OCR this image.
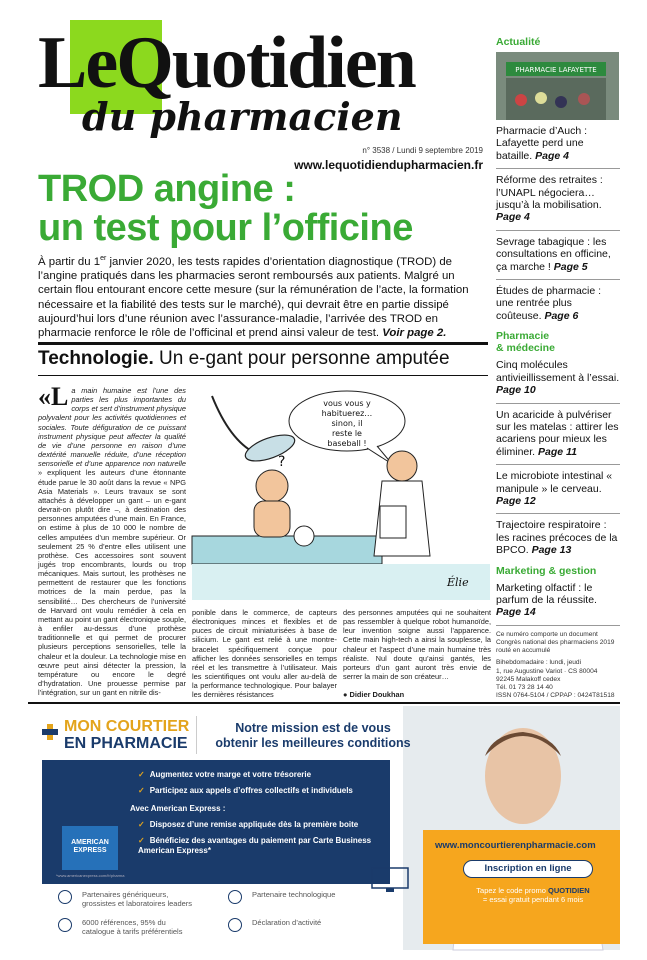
LeQuotidien
du pharmacien
n° 3538 / Lundi 9 septembre 2019
www.lequotidiendupharmacien.fr
TROD angine :
un test pour l’officine
À partir du 1er janvier 2020, les tests rapides d’orientation diagnostique (TROD) de l’angine pratiqués dans les pharmacies seront remboursés aux patients. Malgré un certain flou entourant encore cette mesure (sur la rémunération de l’acte, la formation nécessaire et la fiabilité des tests sur le marché), qui devrait être en partie dissipé aujourd’hui lors d’une réunion avec l’assurance-maladie, l’arrivée des TROD en pharmacie renforce le rôle de l’officinal et prend ainsi valeur de test. Voir page 2.
Technologie. Un e-gant pour personne amputée
«La main humaine est l’une des parties les plus importantes du corps et sert d’instrument physique polyvalent pour les activités quotidiennes et sociales. Toute défiguration de ce puissant instrument physique peut affecter la qualité de vie d’une personne en raison d’une dextérité manuelle réduite, d’une réception sensorielle et d’une apparence non naturelle » expliquent les auteurs d’une étonnante étude parue le 30 août dans la revue « NPG Asia Materials ». Leurs travaux se sont attachés à développer un gant – un e-gant devrait-on plutôt dire –, à destination des personnes amputées d’une main. En France, on estime à plus de 10 000 le nombre de celles amputées d’un membre supérieur. Or seulement 25 % d’entre elles utilisent une prothèse. Ces accessoires sont souvent jugés trop encombrants, lourds ou trop mécaniques. Mais surtout, les prothèses ne permettent de restaurer que les fonctions motrices de la main perdue, pas la sensibilité… Des chercheurs de l’université de Harvard ont voulu remédier à cela en mettant au point un gant électronique souple, à enfiler au-dessus d’une prothèse traditionnelle et qui permet de procurer plusieurs perceptions sensorielles, telle la chaleur et la douleur. La technologie mise en œuvre peut ainsi détecter la pression, la température ou encore le degré d’hydratation. Une prouesse permise par l’intégration, sur un gant en nitrile dis-
ponible dans le commerce, de capteurs électroniques minces et flexibles et de puces de circuit miniaturisées à base de silicium. Le gant est relié à une montre-bracelet spécifiquement conçue pour afficher les données sensorielles en temps réel et les transmettre à l’utilisateur. Mais les scientifiques ont voulu aller au-delà de la performance technologique. Pour balayer les dernières résistances
des personnes amputées qui ne souhaitent pas ressembler à quelque robot humanoïde, leur invention soigne aussi l’apparence. Cette main high-tech a ainsi la souplesse, la chaleur et l’aspect d’une main humaine très réaliste. Nul doute qu’ainsi gantés, les porteurs d’un gant auront très envie de serrer la main de son créateur…
● Didier Doukhan
vous vous y
habituerez…
sinon, il
reste le
baseball !
?
Élie
Actualité
PHARMACIE LAFAYETTE
Pharmacie d’Auch : Lafayette perd une bataille. Page 4
Réforme des retraites : l’UNAPL négociera… jusqu’à la mobilisation. Page 4
Sevrage tabagique : les consultations en officine, ça marche ! Page 5
Études de pharmacie : une rentrée plus coûteuse. Page 6
Pharmacie
& médecine
Cinq molécules antivieillissement à l’essai. Page 10
Un acaricide à pulvériser sur les matelas : attirer les acariens pour mieux les éliminer. Page 11
Le microbiote intestinal « manipule » le cerveau. Page 12
Trajectoire respiratoire : les racines précoces de la BPCO. Page 13
Marketing & gestion
Marketing olfactif : le parfum de la réussite. Page 14
Ce numéro comporte un document
Congrès national des pharmaciens 2019
routé en accumulé
Bihebdomadaire : lundi, jeudi
1, rue Augustine Variot · CS 80004
92245 Malakoff cedex
Tél. 01 73 28 14 40
ISSN 0764-5104 / CPPAP : 0424T81518
MON COURTIER
EN PHARMACIE
Notre mission est de vous
obtenir les meilleures conditions
✓ Augmentez votre marge et votre trésorerie
✓ Participez aux appels d’offres collectifs et individuels
Avec American Express :
✓ Disposez d’une remise appliquée dès la première boite
✓ Bénéficiez des avantages du paiement par Carte Business American Express*
AMERICAN
EXPRESS
*www.americanexpress.com/fr/pharma
Partenaires génériqueurs, grossistes et laboratoires leaders
Partenaire technologique
6000 références, 95% du catalogue à tarifs préférentiels
Déclaration d’activité
www.moncourtierenpharmacie.com
Inscription en ligne
Tapez le code promo QUOTIDIEN
= essai gratuit pendant 6 mois
